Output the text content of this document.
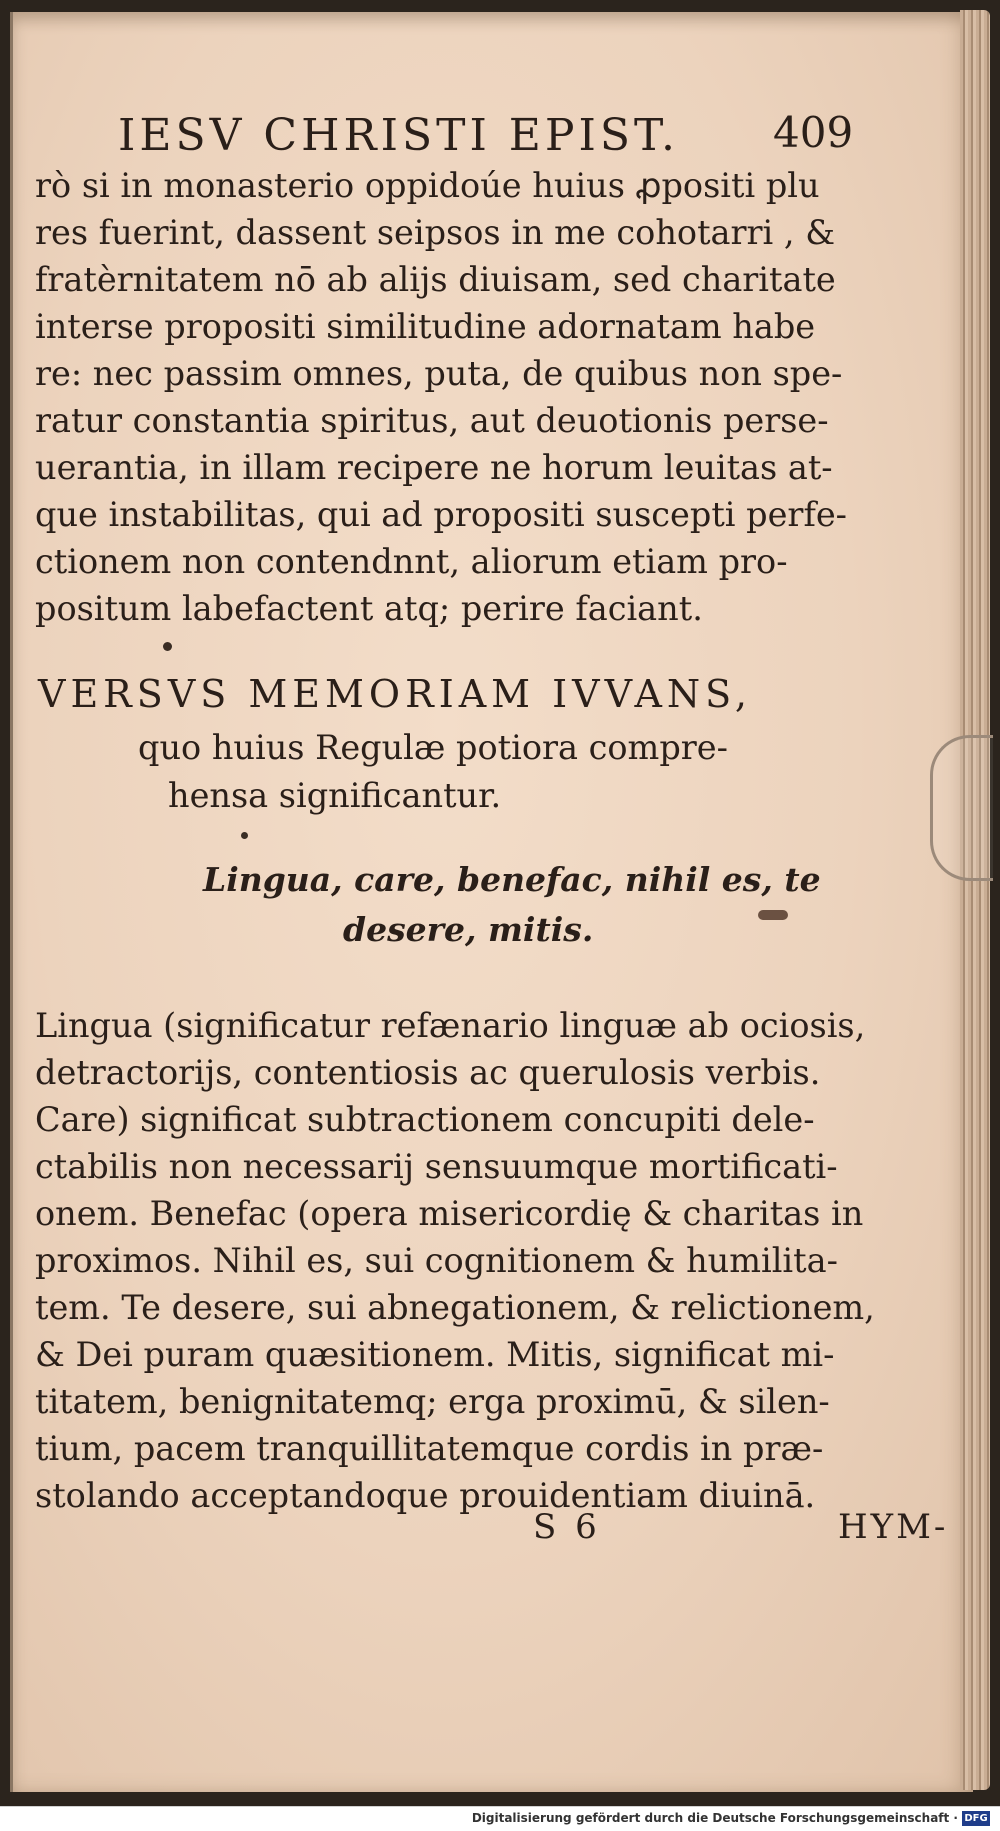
IESV CHRISTI EPIST. 409
rò si in monasterio oppidoúe huius ꝓpositi plu
res fuerint, dassent seipsos in me cohotarri , &
fratèrnitatem nō ab alijs diuisam, sed charitate
interse propositi similitudine adornatam habe
re: nec passim omnes, puta, de quibus non spe-
ratur constantia spiritus, aut deuotionis perse-
uerantia, in illam recipere ne horum leuitas at-
que instabilitas, qui ad propositi suscepti perfe-
ctionem non contendnnt, aliorum etiam pro-
positum labefactent atq; perire faciant.
VERSVS MEMORIAM IVVANS,
quo huius Regulæ potiora compre-
hensa significantur.
Lingua, care, benefac, nihil es, te
desere, mitis.
Lingua (significatur refænario linguæ ab ociosis,
detractorijs, contentiosis ac querulosis verbis.
Care) significat subtractionem concupiti dele-
ctabilis non necessarij sensuumque mortificati-
onem. Benefac (opera misericordię & charitas in
proximos. Nihil es, sui cognitionem & humilita-
tem. Te desere, sui abnegationem, & relictionem,
& Dei puram quæsitionem. Mitis, significat mi-
titatem, benignitatemq; erga proximū, & silen-
tium, pacem tranquillitatemque cordis in præ-
stolando acceptandoque prouidentiam diuinā.
S 6	HYM-
Digitalisierung gefördert durch die Deutsche Forschungsgemeinschaft · DFG
